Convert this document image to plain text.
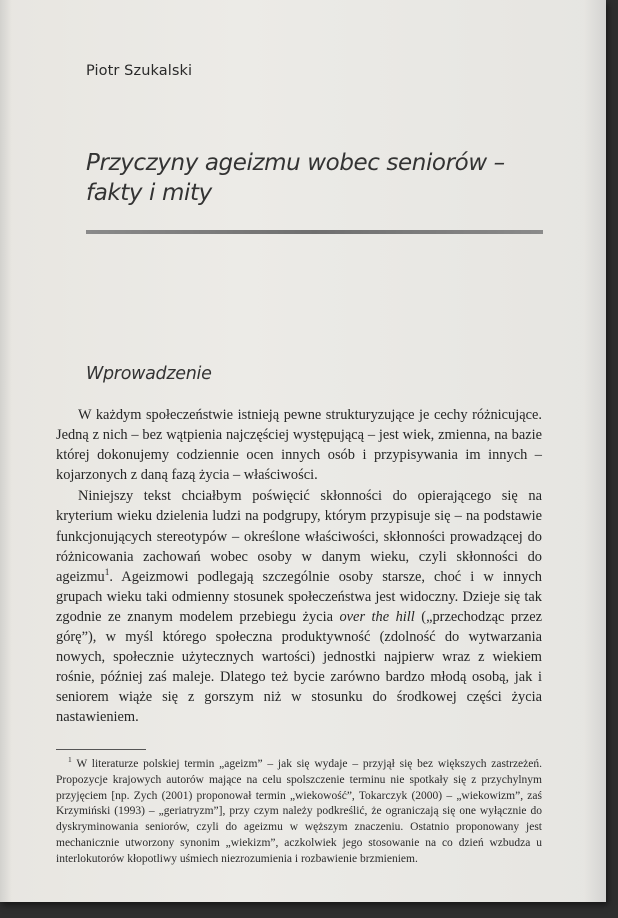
Piotr Szukalski
Przyczyny ageizmu wobec seniorów –
fakty i mity
Wprowadzenie

W każdym społeczeństwie istnieją pewne strukturyzujące je cechy różnicujące. Jedną z nich – bez wątpienia najczęściej występującą – jest wiek, zmienna, na bazie której dokonujemy codziennie ocen innych osób i przypisywania im innych – kojarzonych z daną fazą życia – właściwości.

Niniejszy tekst chciałbym poświęcić skłonności do opierającego się na kryterium wieku dzielenia ludzi na podgrupy, którym przypisuje się – na podstawie funkcjonujących stereotypów – określone właściwości, skłonności prowadzącej do różnicowania zachowań wobec osoby w danym wieku, czyli skłonności do ageizmu$^1$. Ageizmowi podlegają szczególnie osoby starsze, choć i w innych grupach wieku taki odmienny stosunek społeczeństwa jest widoczny. Dzieje się tak zgodnie ze znanym modelem przebiegu życia over the hill („przechodząc przez górę”), w myśl którego społeczna produktywność (zdolność do wytwarzania nowych, społecznie użytecznych wartości) jednostki najpierw wraz z wiekiem rośnie, później zaś maleje. Dlatego też bycie zarówno bardzo młodą osobą, jak i seniorem wiąże się z gorszym niż w stosunku do środkowej części życia nastawieniem.

$^1$ W literaturze polskiej termin „ageizm” – jak się wydaje – przyjął się bez większych zastrzeżeń. Propozycje krajowych autorów mające na celu spolszczenie terminu nie spotkały się z przychylnym przyjęciem [np. Zych (2001) proponował termin „wiekowość”, Tokarczyk (2000) – „wiekowizm”, zaś Krzymiński (1993) – „geriatryzm”], przy czym należy podkreślić, że ograniczają się one wyłącznie do dyskryminowania seniorów, czyli do ageizmu w węższym znaczeniu. Ostatnio proponowany jest mechanicznie utworzony synonim „wiekizm”, aczkolwiek jego stosowanie na co dzień wzbudza u interlokutorów kłopotliwy uśmiech niezrozumienia i rozbawienie brzmieniem.
